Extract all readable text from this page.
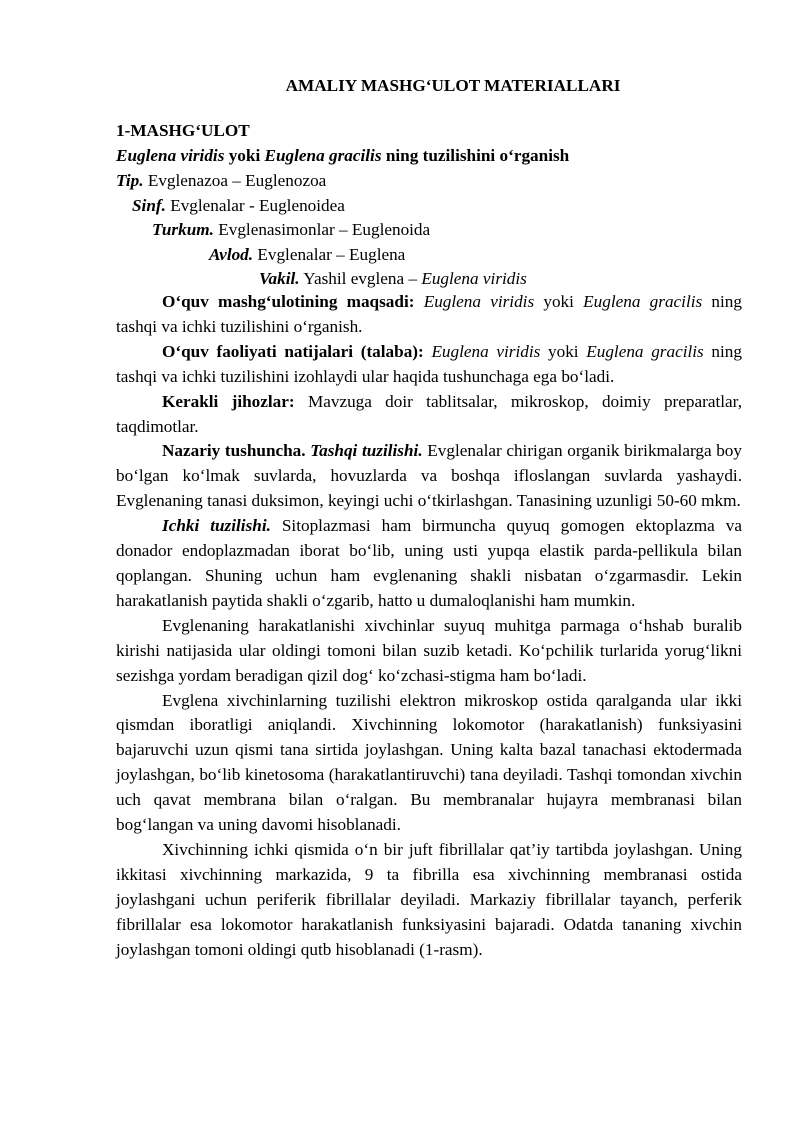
AMALIY MASHG‘ULOT MATERIALLARI
1-MASHG‘ULOT
Euglena viridis yoki Euglena gracilis ning tuzilishini o‘rganish
Tip. Evglenazoa – Euglenozoa
Sinf. Evglenalar - Euglenoidea
Turkum. Evglenasimonlar – Euglenoida
Avlod. Evglenalar – Euglena
Vakil. Yashil evglena – Euglena viridis

O‘quv mashg‘ulotining maqsadi: Euglena viridis yoki Euglena gracilis ning tashqi va ichki tuzilishini o‘rganish.

O‘quv faoliyati natijalari (talaba): Euglena viridis yoki Euglena gracilis ning tashqi va ichki tuzilishini izohlaydi ular haqida tushunchaga ega bo‘ladi.

Kerakli jihozlar: Mavzuga doir tablitsalar, mikroskop, doimiy preparatlar, taqdimotlar.

Nazariy tushuncha. Tashqi tuzilishi. Evglenalar chirigan organik birikmalarga boy bo‘lgan ko‘lmak suvlarda, hovuzlarda va boshqa ifloslangan suvlarda yashaydi. Evglenaning tanasi duksimon, keyingi uchi o‘tkirlashgan. Tanasining uzunligi 50-60 mkm.

Ichki tuzilishi. Sitoplazmasi ham birmuncha quyuq gomogen ektoplazma va donador endoplazmadan iborat bo‘lib, uning usti yupqa elastik parda-pellikula bilan qoplangan. Shuning uchun ham evglenaning shakli nisbatan o‘zgarmasdir. Lekin harakatlanish paytida shakli o‘zgarib, hatto u dumaloqlanishi ham mumkin.

Evglenaning harakatlanishi xivchinlar suyuq muhitga parmaga o‘hshab buralib kirishi natijasida ular oldingi tomoni bilan suzib ketadi. Ko‘pchilik turlarida yorug‘likni sezishga yordam beradigan qizil dog‘ ko‘zchasi-stigma ham bo‘ladi.

Evglena xivchinlarning tuzilishi elektron mikroskop ostida qaralganda ular ikki qismdan iboratligi aniqlandi. Xivchinning lokomotor (harakatlanish) funksiyasini bajaruvchi uzun qismi tana sirtida joylashgan. Uning kalta bazal tanachasi ektodermada joylashgan, bo‘lib kinetosoma (harakatlantiruvchi) tana deyiladi. Tashqi tomondan xivchin uch qavat membrana bilan o‘ralgan. Bu membranalar hujayra membranasi bilan bog‘langan va uning davomi hisoblanadi.

Xivchinning ichki qismida o‘n bir juft fibrillalar qat’iy tartibda joylashgan. Uning ikkitasi xivchinning markazida, 9 ta fibrilla esa xivchinning membranasi ostida joylashgani uchun periferik fibrillalar deyiladi. Markaziy fibrillalar tayanch, perferik fibrillalar esa lokomotor harakatlanish funksiyasini bajaradi. Odatda tananing xivchin joylashgan tomoni oldingi qutb hisoblanadi (1-rasm).
